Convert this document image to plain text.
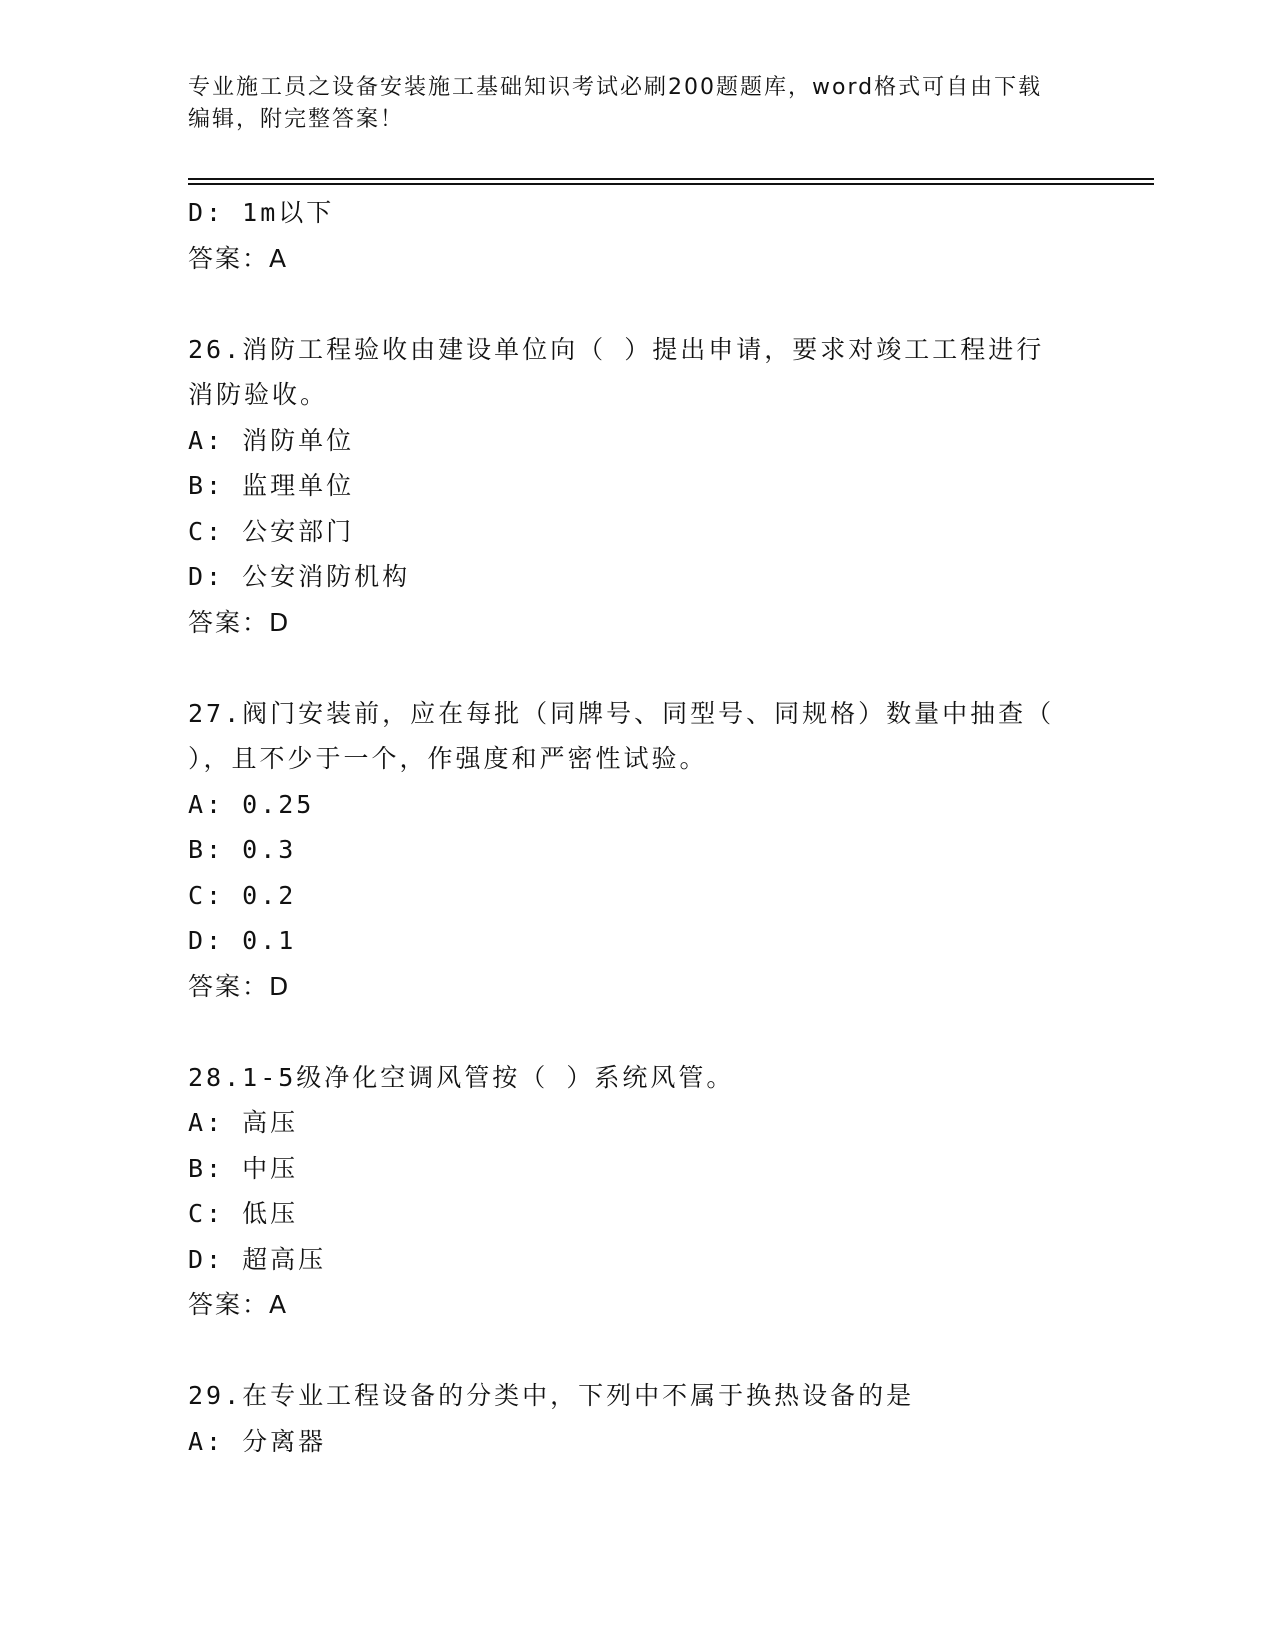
专业施工员之设备安装施工基础知识考试必刷200题题库，word格式可自由下载
编辑，附完整答案！
D: 1m以下
答案：A
26.消防工程验收由建设单位向（ ）提出申请，要求对竣工工程进行
消防验收。
A: 消防单位
B: 监理单位
C: 公安部门
D: 公安消防机构
答案：D
27.阀门安装前，应在每批（同牌号、同型号、同规格）数量中抽查（
），且不少于一个，作强度和严密性试验。
A: 0.25
B: 0.3
C: 0.2
D: 0.1
答案：D
28.1-5级净化空调风管按（ ）系统风管。
A: 高压
B: 中压
C: 低压
D: 超高压
答案：A
29.在专业工程设备的分类中，下列中不属于换热设备的是
A: 分离器
